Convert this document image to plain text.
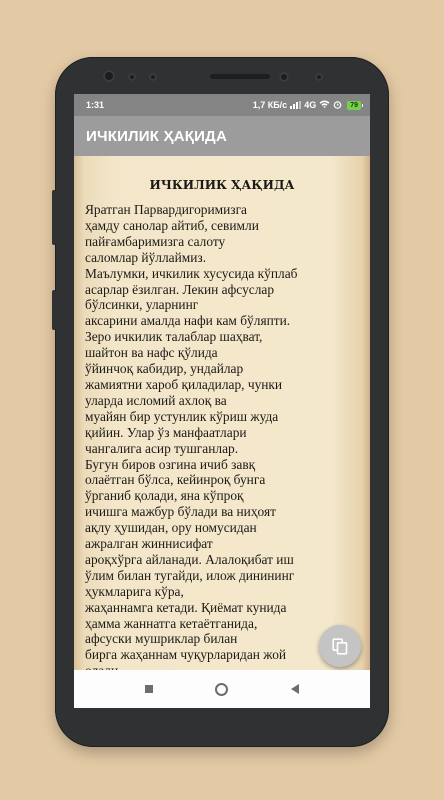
1:31	1,7 КБ/с 4G	79
ИЧКИЛИК ҲАҚИДА
ИЧКИЛИК ҲАҚИДА
Яратган Парвардигоримизга
ҳамду санолар айтиб, севимли
пайғамбаримизга салоту
саломлар йўллаймиз.
Маълумки, ичкилик хусусида кўплаб
асарлар ёзилган. Лекин афсуслар
бўлсинки, уларнинг
аксарини амалда нафи кам бўляпти.
Зеро ичкилик талаблар шаҳват,
шайтон ва нафс қўлида
ўйинчоқ кабидир, ундайлар
жамиятни хароб қиладилар, чунки
уларда исломий ахлоқ ва
муайян бир устунлик кўриш жуда
қийин. Улар ўз манфаатлари
чангалига асир тушганлар.
Бугун биров озгина ичиб завқ
олаётган бўлса, кейинроқ бунга
ўрганиб қолади, яна кўпроқ
ичишга мажбур бўлади ва ниҳоят
ақлу ҳушидан, ору номусидан
ажралган жиннисифат
ароқхўрга айланади. Алалоқибат иш
ўлим билан тугайди, илож динининг
ҳукмларига кўра,
жаҳаннамга кетади. Қиёмат кунида
ҳамма жаннатга кетаётганида,
афсуски мушриклар билан
бирга жаҳаннам чуқурларидан жой
